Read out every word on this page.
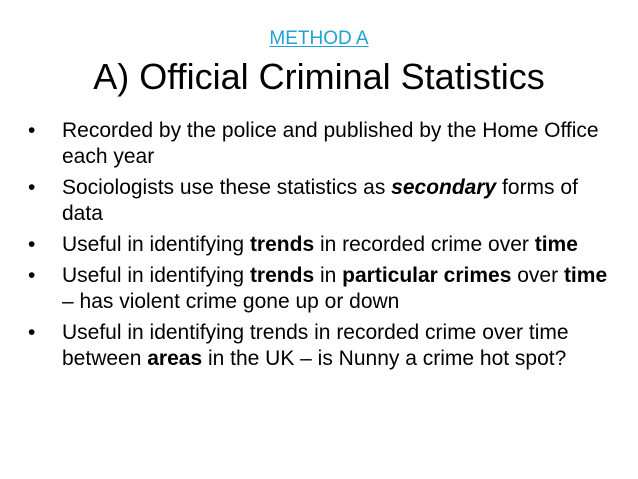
METHOD A
A) Official Criminal Statistics
• Recorded by the police and published by the Home Office each year
• Sociologists use these statistics as secondary forms of data
• Useful in identifying trends in recorded crime over time
• Useful in identifying trends in particular crimes over time – has violent crime gone up or down
• Useful in identifying trends in recorded crime over time between areas in the UK – is Nunny a crime hot spot?
